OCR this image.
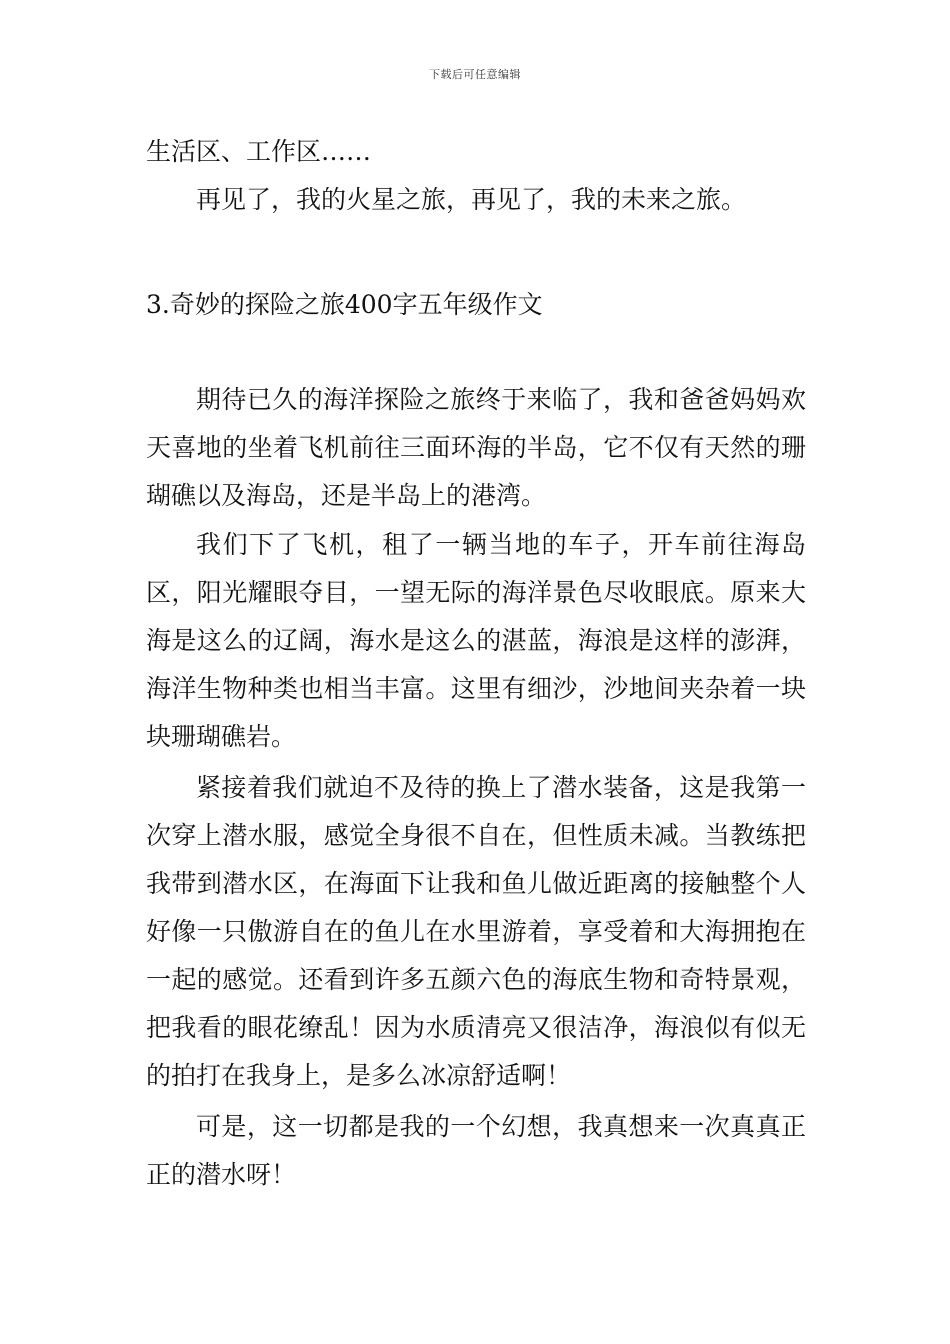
下载后可任意编辑

生活区、工作区……

再见了，我的火星之旅，再见了，我的未来之旅。

3.奇妙的探险之旅400字五年级作文

期待已久的海洋探险之旅终于来临了，我和爸爸妈妈欢天喜地的坐着飞机前往三面环海的半岛，它不仅有天然的珊瑚礁以及海岛，还是半岛上的港湾。

我们下了飞机，租了一辆当地的车子，开车前往海岛区，阳光耀眼夺目，一望无际的海洋景色尽收眼底。原来大海是这么的辽阔，海水是这么的湛蓝，海浪是这样的澎湃，海洋生物种类也相当丰富。这里有细沙，沙地间夹杂着一块块珊瑚礁岩。

紧接着我们就迫不及待的换上了潜水装备，这是我第一次穿上潜水服，感觉全身很不自在，但性质未减。当教练把我带到潜水区，在海面下让我和鱼儿做近距离的接触整个人好像一只傲游自在的鱼儿在水里游着，享受着和大海拥抱在一起的感觉。还看到许多五颜六色的海底生物和奇特景观，把我看的眼花缭乱！因为水质清亮又很洁净，海浪似有似无的拍打在我身上，是多么冰凉舒适啊！

可是，这一切都是我的一个幻想，我真想来一次真真正正的潜水呀！
